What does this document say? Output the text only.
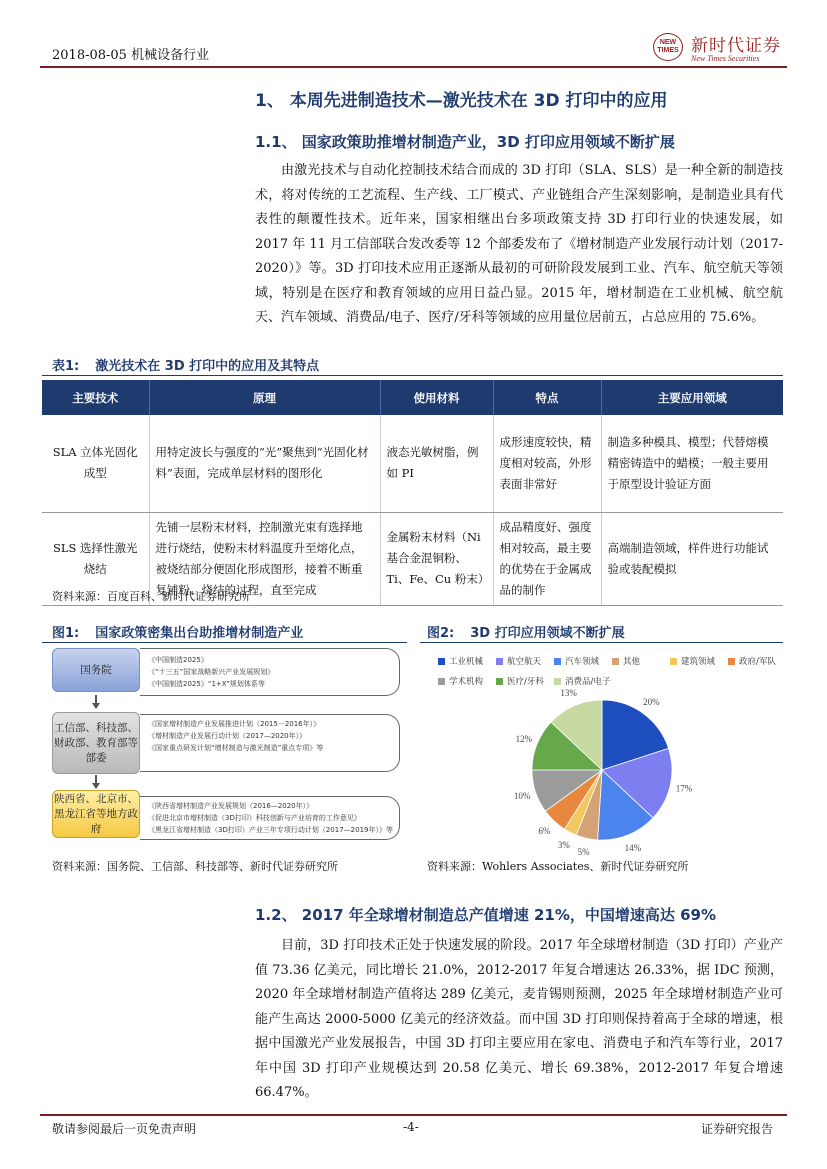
2018-08-05 机械设备行业
NEW TIMES 新时代证券
New Times Securities
1、 本周先进制造技术—激光技术在 3D 打印中的应用
1.1、 国家政策助推增材制造产业，3D 打印应用领域不断扩展
由激光技术与自动化控制技术结合而成的 3D 打印（SLA、SLS）是一种全新的制造技术，将对传统的工艺流程、生产线、工厂模式、产业链组合产生深刻影响，是制造业具有代表性的颠覆性技术。近年来，国家相继出台多项政策支持 3D 打印行业的快速发展，如 2017 年 11 月工信部联合发改委等 12 个部委发布了《增材制造产业发展行动计划（2017-2020）》等。3D 打印技术应用正逐渐从最初的可研阶段发展到工业、汽车、航空航天等领域，特别是在医疗和教育领域的应用日益凸显。2015 年，增材制造在工业机械、航空航天、汽车领域、消费品/电子、医疗/牙科等领域的应用量位居前五，占总应用的 75.6%。
表1: 激光技术在 3D 打印中的应用及其特点
主要技术	原理	使用材料	特点	主要应用领域
SLA 立体光固化成型	用特定波长与强度的“光”聚焦到“光固化材料”表面，完成单层材料的图形化	液态光敏树脂，例如 PI	成形速度较快，精度相对较高，外形表面非常好	制造多种模具、模型；代替熔模精密铸造中的蜡模；一般主要用于原型设计验证方面
SLS 选择性激光烧结	先铺一层粉末材料，控制激光束有选择地进行烧结，使粉末材料温度升至熔化点，被烧结部分便固化形成图形，接着不断重复铺粉、烧结的过程，直至完成	金属粉末材料（Ni 基合金混铜粉、Ti、Fe、Cu 粉末）	成品精度好、强度相对较高，最主要的优势在于金属成品的制作	高端制造领域，样件进行功能试验或装配模拟
资料来源：百度百科、新时代证券研究所
图1: 国家政策密集出台助推增材制造产业
国务院
工信部、科技部、财政部、教育部等部委
陕西省、北京市、黑龙江省等地方政府
《中国制造2025》
《“十三五”国家战略新兴产业发展规划》
《中国制造2025》“1+X”规划体系等
《国家增材制造产业发展推进计划（2015－2016年）》
《增材制造产业发展行动计划（2017—2020年）》
《国家重点研发计划“增材制造与激光制造”重点专项》等
《陕西省增材制造产业发展规划（2016—2020年）》
《促进北京市增材制造（3D打印）科技创新与产业培育的工作意见》
《黑龙江省增材制造（3D打印）产业三年专项行动计划（2017—2019年）》等
资料来源：国务院、工信部、科技部等、新时代证券研究所
图2: 3D 打印应用领域不断扩展
工业机械	航空航天	汽车领域	其他	建筑领域	政府/军队
学术机构	医疗/牙科	消费品/电子
20%
17%
14%
5%
3%
6%
10%
12%
13%
资料来源：Wohlers Associates、新时代证券研究所
1.2、 2017 年全球增材制造总产值增速 21%，中国增速高达 69%
目前，3D 打印技术正处于快速发展的阶段。2017 年全球增材制造（3D 打印）产业产值 73.36 亿美元，同比增长 21.0%，2012-2017 年复合增速达 26.33%，据 IDC 预测，2020 年全球增材制造产值将达 289 亿美元，麦肯锡则预测，2025 年全球增材制造产业可能产生高达 2000-5000 亿美元的经济效益。而中国 3D 打印则保持着高于全球的增速，根据中国激光产业发展报告，中国 3D 打印主要应用在家电、消费电子和汽车等行业，2017 年中国 3D 打印产业规模达到 20.58 亿美元、增长 69.38%，2012-2017 年复合增速 66.47%。
敬请参阅最后一页免责声明	-4-	证券研究报告
